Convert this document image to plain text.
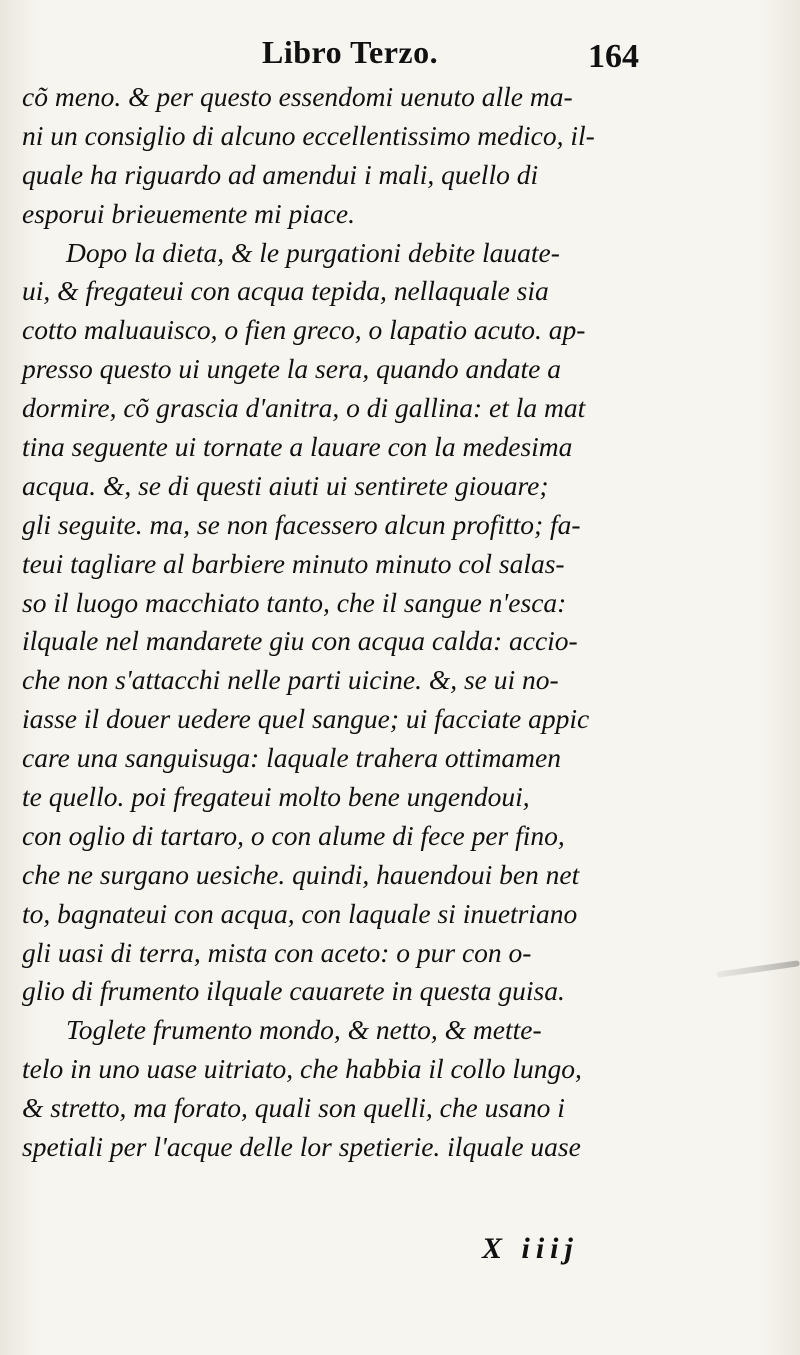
Libro Terzo.	164
cõ meno. & per questo essendomi uenuto alle ma-
ni un consiglio di alcuno eccellentissimo medico, il-
quale ha riguardo ad amendui i mali, quello di
esporui brieuemente mi piace.
Dopo la dieta, & le purgationi debite lauate-
ui, & fregateui con acqua tepida, nellaquale sia
cotto maluauisco, o fien greco, o lapatio acuto. ap-
presso questo ui ungete la sera, quando andate a
dormire, cõ grascia d'anitra, o di gallina: et la mat
tina seguente ui tornate a lauare con la medesima
acqua. &, se di questi aiuti ui sentirete giouare;
gli seguite. ma, se non facessero alcun profitto; fa-
teui tagliare al barbiere minuto minuto col salas-
so il luogo macchiato tanto, che il sangue n'esca:
ilquale nel mandarete giu con acqua calda: accio-
che non s'attacchi nelle parti uicine. &, se ui no-
iasse il douer uedere quel sangue; ui facciate appic
care una sanguisuga: laquale trahera ottimamen
te quello. poi fregateui molto bene ungendoui,
con oglio di tartaro, o con alume di fece per fino,
che ne surgano uesiche. quindi, hauendoui ben net
to, bagnateui con acqua, con laquale si inuetriano
gli uasi di terra, mista con aceto: o pur con o-
glio di frumento ilquale cauarete in questa guisa.
Toglete frumento mondo, & netto, & mette-
telo in uno uase uitriato, che habbia il collo lungo,
& stretto, ma forato, quali son quelli, che usano i
spetiali per l'acque delle lor spetierie. ilquale uase
X iiij
